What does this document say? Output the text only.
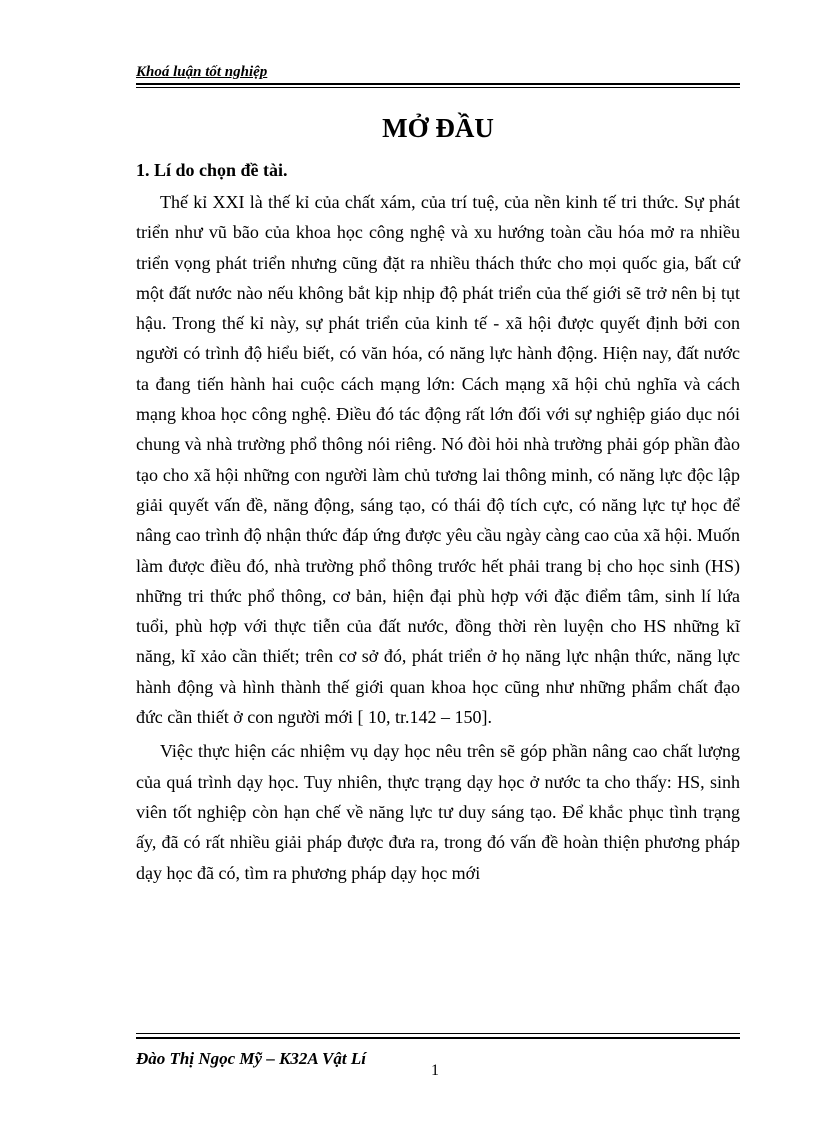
Khoá luận tốt nghiệp
MỞ ĐẦU
1. Lí do chọn đề tài.

Thế kỉ XXI là thế kỉ của chất xám, của trí tuệ, của nền kinh tế tri thức. Sự phát triển như vũ bão của khoa học công nghệ và xu hướng toàn cầu hóa mở ra nhiều triển vọng phát triển nhưng cũng đặt ra nhiều thách thức cho mọi quốc gia, bất cứ một đất nước nào nếu không bắt kịp nhịp độ phát triển của thế giới sẽ trở nên bị tụt hậu. Trong thế kỉ này, sự phát triển của kinh tế - xã hội được quyết định bởi con người có trình độ hiểu biết, có văn hóa, có năng lực hành động. Hiện nay, đất nước ta đang tiến hành hai cuộc cách mạng lớn: Cách mạng xã hội chủ nghĩa và cách mạng khoa học công nghệ. Điều đó tác động rất lớn đối với sự nghiệp giáo dục nói chung và nhà trường phổ thông nói riêng. Nó đòi hỏi nhà trường phải góp phần đào tạo cho xã hội những con người làm chủ tương lai thông minh, có năng lực độc lập giải quyết vấn đề, năng động, sáng tạo, có thái độ tích cực, có năng lực tự học để nâng cao trình độ nhận thức đáp ứng được yêu cầu ngày càng cao của xã hội. Muốn làm được điều đó, nhà trường phổ thông trước hết phải trang bị cho học sinh (HS) những tri thức phổ thông, cơ bản, hiện đại phù hợp với đặc điểm tâm, sinh lí lứa tuổi, phù hợp với thực tiễn của đất nước, đồng thời rèn luyện cho HS những kĩ năng, kĩ xảo cần thiết; trên cơ sở đó, phát triển ở họ năng lực nhận thức, năng lực hành động và hình thành thế giới quan khoa học cũng như những phẩm chất đạo đức cần thiết ở con người mới [ 10, tr.142 – 150].

Việc thực hiện các nhiệm vụ dạy học nêu trên sẽ góp phần nâng cao chất lượng của quá trình dạy học. Tuy nhiên, thực trạng dạy học ở nước ta cho thấy: HS, sinh viên tốt nghiệp còn hạn chế về năng lực tư duy sáng tạo. Để khắc phục tình trạng ấy, đã có rất nhiều giải pháp được đưa ra, trong đó vấn đề hoàn thiện phương pháp dạy học đã có, tìm ra phương pháp dạy học mới

Đào Thị Ngọc Mỹ – K32A Vật Lí
1
